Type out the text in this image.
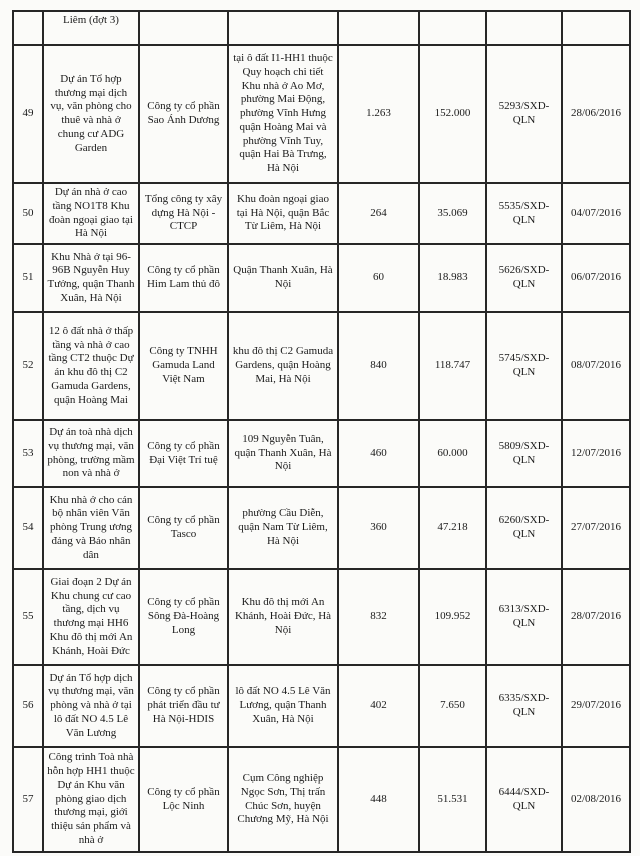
	Liêm (đợt 3)						
49	Dự án Tổ hợp thương mại dịch vụ, văn phòng cho thuê và nhà ở chung cư ADG Garden	Công ty cổ phần Sao Ánh Dương	tại ô đất I1-HH1 thuộc Quy hoạch chi tiết Khu nhà ở Ao Mơ, phường Mai Động, phường Vĩnh Hưng quận Hoàng Mai và phường Vĩnh Tuy, quận Hai Bà Trưng, Hà Nội	1.263	152.000	5293/SXD-QLN	28/06/2016
50	Dự án nhà ở cao tầng NO1T8 Khu đoàn ngoại giao tại Hà Nội	Tổng công ty xây dựng Hà Nội - CTCP	Khu đoàn ngoại giao tại Hà Nội, quận Bắc Từ Liêm, Hà Nội	264	35.069	5535/SXD-QLN	04/07/2016
51	Khu Nhà ở tại 96-96B Nguyễn Huy Tưởng, quận Thanh Xuân, Hà Nội	Công ty cổ phần Him Lam thủ đô	Quận Thanh Xuân, Hà Nội	60	18.983	5626/SXD-QLN	06/07/2016
52	12 ô đất nhà ở thấp tầng và nhà ở cao tầng CT2 thuộc Dự án khu đô thị C2 Gamuda Gardens, quận Hoàng Mai	Công ty TNHH Gamuda Land Việt Nam	khu đô thị C2 Gamuda Gardens, quận Hoàng Mai, Hà Nội	840	118.747	5745/SXD-QLN	08/07/2016
53	Dự án toà nhà dịch vụ thương mại, văn phòng, trường mầm non và nhà ở	Công ty cổ phần Đại Việt Trí tuệ	109 Nguyễn Tuân, quận Thanh Xuân, Hà Nội	460	60.000	5809/SXD-QLN	12/07/2016
54	Khu nhà ở cho cán bộ nhân viên Văn phòng Trung ương đảng và Báo nhân dân	Công ty cổ phần Tasco	phường Cầu Diễn, quận Nam Từ Liêm, Hà Nội	360	47.218	6260/SXD-QLN	27/07/2016
55	Giai đoạn 2 Dự án Khu chung cư cao tầng, dịch vụ thương mại HH6 Khu đô thị mới An Khánh, Hoài Đức	Công ty cổ phần Sông Đà-Hoàng Long	Khu đô thị mới An Khánh, Hoài Đức, Hà Nội	832	109.952	6313/SXD-QLN	28/07/2016
56	Dự án Tổ hợp dịch vụ thương mại, văn phòng và nhà ở tại lô đất NO 4.5 Lê Văn Lương	Công ty cổ phần phát triển đầu tư Hà Nội-HDIS	lô đất NO 4.5 Lê Văn Lương, quận Thanh Xuân, Hà Nội	402	7.650	6335/SXD-QLN	29/07/2016
57	Công trình Toà nhà hỗn hợp HH1 thuộc Dự án Khu văn phòng giao dịch thương mại, giới thiệu sản phẩm và nhà ở	Công ty cổ phần Lộc Ninh	Cụm Công nghiệp Ngọc Sơn, Thị trấn Chúc Sơn, huyện Chương Mỹ, Hà Nội	448	51.531	6444/SXD-QLN	02/08/2016
